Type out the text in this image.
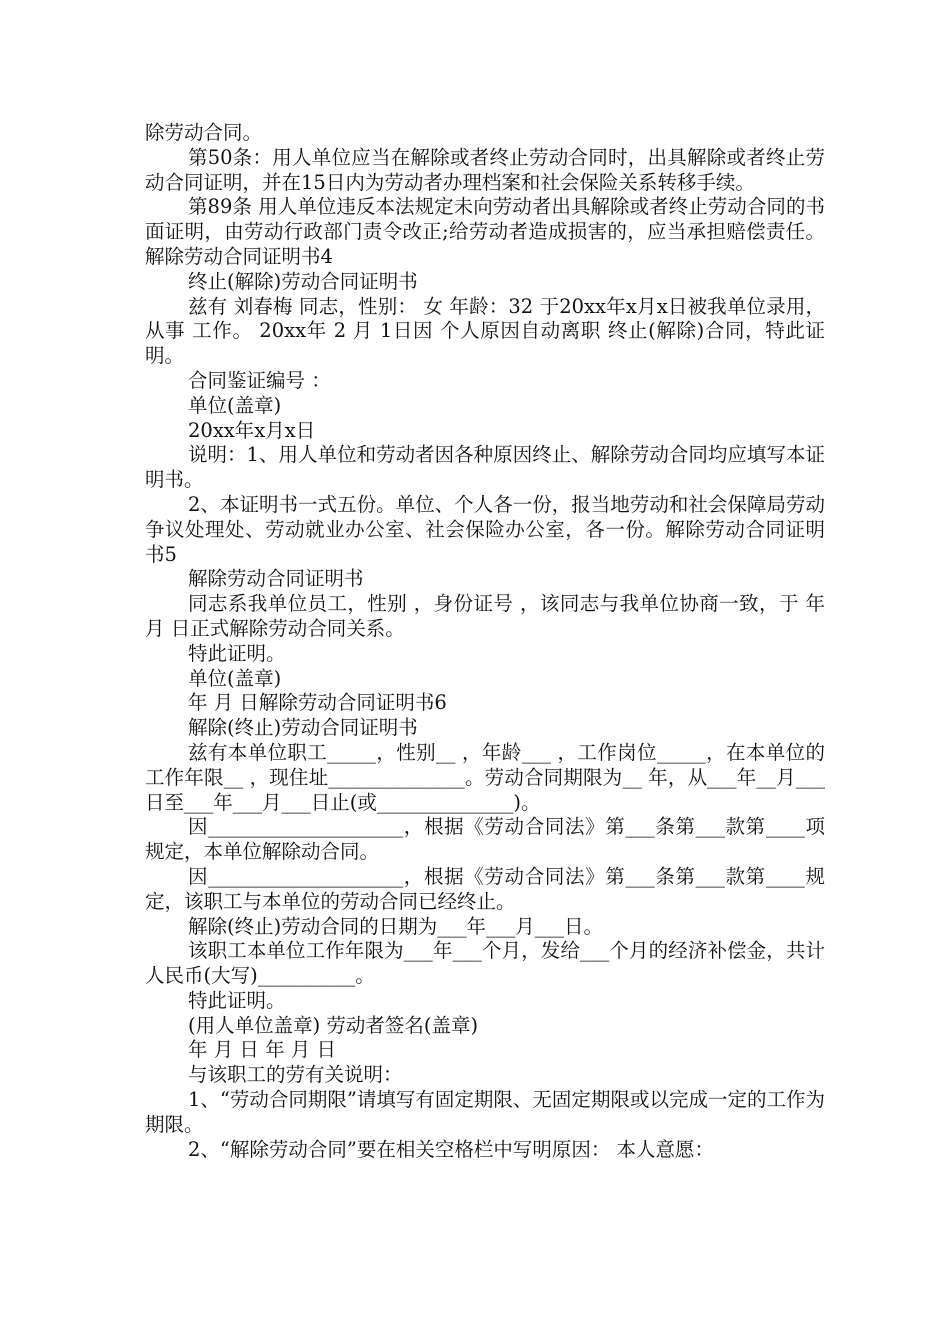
除劳动合同。

第50条：用人单位应当在解除或者终止劳动合同时，出具解除或者终止劳动合同证明，并在15日内为劳动者办理档案和社会保险关系转移手续。

第89条 用人单位违反本法规定未向劳动者出具解除或者终止劳动合同的书面证明，由劳动行政部门责令改正;给劳动者造成损害的，应当承担赔偿责任。解除劳动合同证明书4

终止(解除)劳动合同证明书

兹有 刘春梅 同志，性别： 女 年龄：32 于20xx年x月x日被我单位录用，从事 工作。 20xx年 2 月 1日因 个人原因自动离职 终止(解除)合同，特此证明。

合同鉴证编号 ：

单位(盖章)

20xx年x月x日

说明：1、用人单位和劳动者因各种原因终止、解除劳动合同均应填写本证明书。

2、本证明书一式五份。单位、个人各一份，报当地劳动和社会保障局劳动争议处理处、劳动就业办公室、社会保险办公室，各一份。解除劳动合同证明书5

解除劳动合同证明书

同志系我单位员工，性别 ，身份证号 ，该同志与我单位协商一致，于 年 月 日正式解除劳动合同关系。

特此证明。

单位(盖章)

年 月 日解除劳动合同证明书6

解除(终止)劳动合同证明书

兹有本单位职工_____，性别__ ，年龄___ ，工作岗位_____，在本单位的工作年限__ ，现住址______________。劳动合同期限为__ 年，从___年__月___日至___年___月___日止(或______________)。

因____________________，根据《劳动合同法》第___条第___款第____项规定，本单位解除动合同。

因____________________，根据《劳动合同法》第___条第___款第____规定，该职工与本单位的劳动合同已经终止。

解除(终止)劳动合同的日期为___年___月___日。

该职工本单位工作年限为___年___个月，发给___个月的经济补偿金，共计人民币(大写)__________。

特此证明。

(用人单位盖章) 劳动者签名(盖章)

年 月 日 年 月 日

与该职工的劳有关说明：

1、“劳动合同期限”请填写有固定期限、无固定期限或以完成一定的工作为期限。

2、“解除劳动合同”要在相关空格栏中写明原因： 本人意愿：
